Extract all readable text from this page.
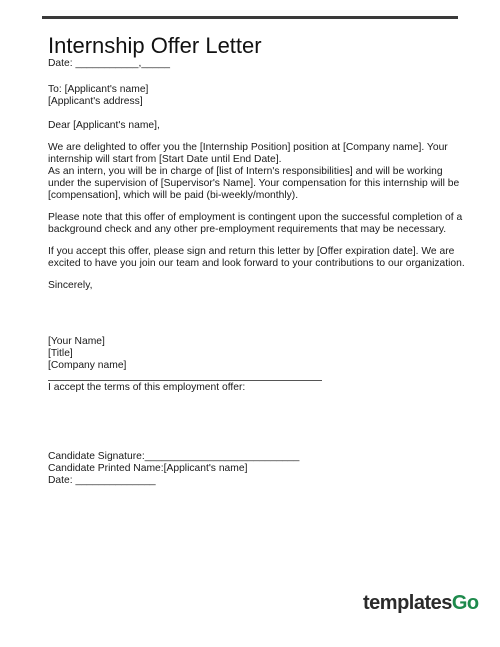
Internship Offer Letter
Date: ___________,_____
To: [Applicant's name]
[Applicant's address]
Dear [Applicant's name],
We are delighted to offer you the [Internship Position] position at [Company name]. Your
internship will start from [Start Date until End Date].
As an intern, you will be in charge of [list of Intern's responsibilities] and will be working
under the supervision of [Supervisor's Name]. Your compensation for this internship will be
[compensation], which will be paid (bi-weekly/monthly).
Please note that this offer of employment is contingent upon the successful completion of a
background check and any other pre-employment requirements that may be necessary.
If you accept this offer, please sign and return this letter by [Offer expiration date]. We are
excited to have you join our team and look forward to your contributions to our organization.
Sincerely,
[Your Name]
[Title]
[Company name]
I accept the terms of this employment offer:
Candidate Signature:___________________________
Candidate Printed Name:[Applicant's name]
Date: ______________
templatesGo
